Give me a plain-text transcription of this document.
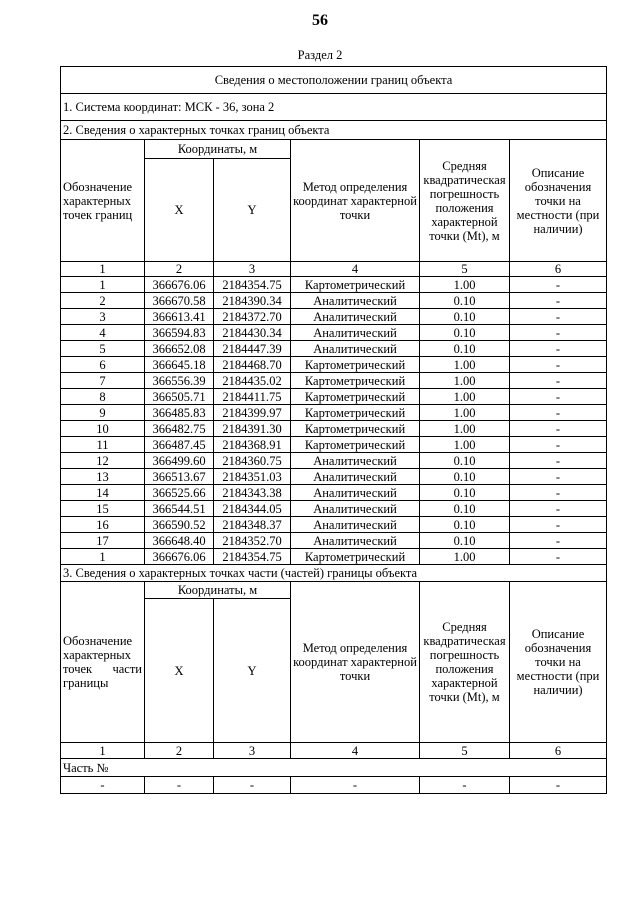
56
Раздел 2
Сведения о местоположении границ объекта					
1. Система координат: МСК - 36, зона 2					
2. Сведения о характерных точках границ объекта					
Обозначение характерных точек границ	Координаты, м		Метод определения координат характерной точки	Средняя квадратическая погрешность положения характерной точки (Mt), м	Описание обозначения точки на местности (при наличии)
	X	Y			
1	2	3	4	5	6
1	366676.06	2184354.75	Картометрический	1.00	-
2	366670.58	2184390.34	Аналитический	0.10	-
3	366613.41	2184372.70	Аналитический	0.10	-
4	366594.83	2184430.34	Аналитический	0.10	-
5	366652.08	2184447.39	Аналитический	0.10	-
6	366645.18	2184468.70	Картометрический	1.00	-
7	366556.39	2184435.02	Картометрический	1.00	-
8	366505.71	2184411.75	Картометрический	1.00	-
9	366485.83	2184399.97	Картометрический	1.00	-
10	366482.75	2184391.30	Картометрический	1.00	-
11	366487.45	2184368.91	Картометрический	1.00	-
12	366499.60	2184360.75	Аналитический	0.10	-
13	366513.67	2184351.03	Аналитический	0.10	-
14	366525.66	2184343.38	Аналитический	0.10	-
15	366544.51	2184344.05	Аналитический	0.10	-
16	366590.52	2184348.37	Аналитический	0.10	-
17	366648.40	2184352.70	Аналитический	0.10	-
1	366676.06	2184354.75	Картометрический	1.00	-
3. Сведения о характерных точках части (частей) границы объекта					

Обозначение характерных точек части границы	Координаты, м		Метод определения координат характерной точки	Средняя квадратическая погрешность положения характерной точки (Mt), м	Описание обозначения точки на местности (при наличии)
	X	Y			
1	2	3	4	5	6
Часть №					
-	-	-	-	-	-
